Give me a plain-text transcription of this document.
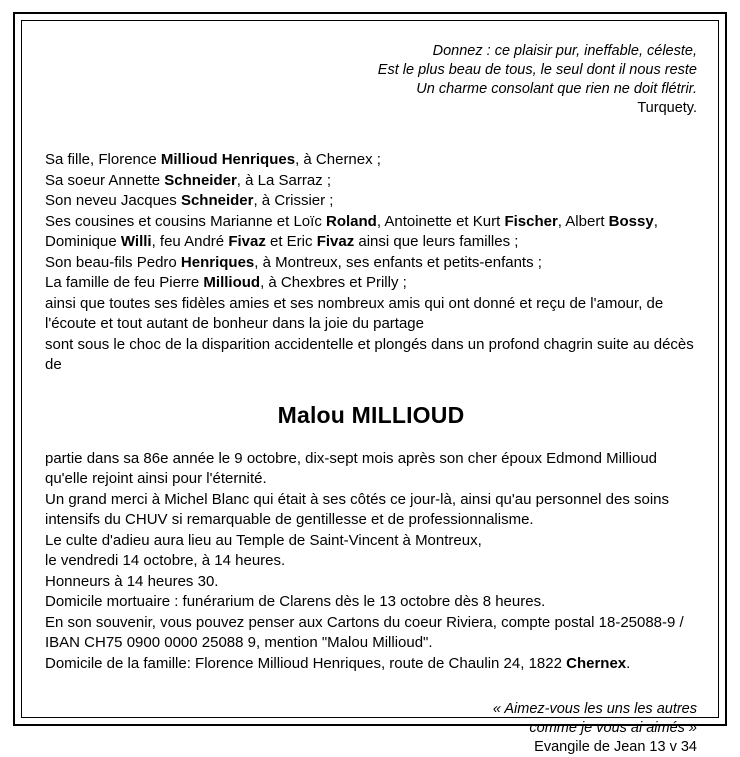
Donnez : ce plaisir pur, ineffable, céleste,
Est le plus beau de tous, le seul dont il nous reste
Un charme consolant que rien ne doit flétrir.
Turquety.
Sa fille, Florence Millioud Henriques, à Chernex ;
Sa soeur Annette Schneider, à La Sarraz ;
Son neveu Jacques Schneider, à Crissier ;
Ses cousines et cousins Marianne et Loïc Roland, Antoinette et Kurt Fischer, Albert Bossy, Dominique Willi, feu André Fivaz et Eric Fivaz ainsi que leurs familles ;
Son beau-fils Pedro Henriques, à Montreux, ses enfants et petits-enfants ;
La famille de feu Pierre Millioud, à Chexbres et Prilly ;
ainsi que toutes ses fidèles amies et ses nombreux amis qui ont donné et reçu de l'amour, de l'écoute et tout autant de bonheur dans la joie du partage
sont sous le choc de la disparition accidentelle et plongés dans un profond chagrin suite au décès de
Malou MILLIOUD
partie dans sa 86e année le 9 octobre, dix-sept mois après son cher époux Edmond Millioud qu'elle rejoint ainsi pour l'éternité.
Un grand merci à Michel Blanc qui était à ses côtés ce jour-là, ainsi qu'au personnel des soins intensifs du CHUV si remarquable de gentillesse et de professionnalisme.
Le culte d'adieu aura lieu au Temple de Saint-Vincent à Montreux,
le vendredi 14 octobre, à 14 heures.
Honneurs à 14 heures 30.
Domicile mortuaire : funérarium de Clarens dès le 13 octobre dès 8 heures.
En son souvenir, vous pouvez penser aux Cartons du coeur Riviera, compte postal 18-25088-9 / IBAN CH75 0900 0000 25088 9, mention "Malou Millioud".
Domicile de la famille: Florence Millioud Henriques, route de Chaulin 24, 1822 Chernex.
« Aimez-vous les uns les autres
comme je vous ai aimés »
Evangile de Jean 13 v 34
